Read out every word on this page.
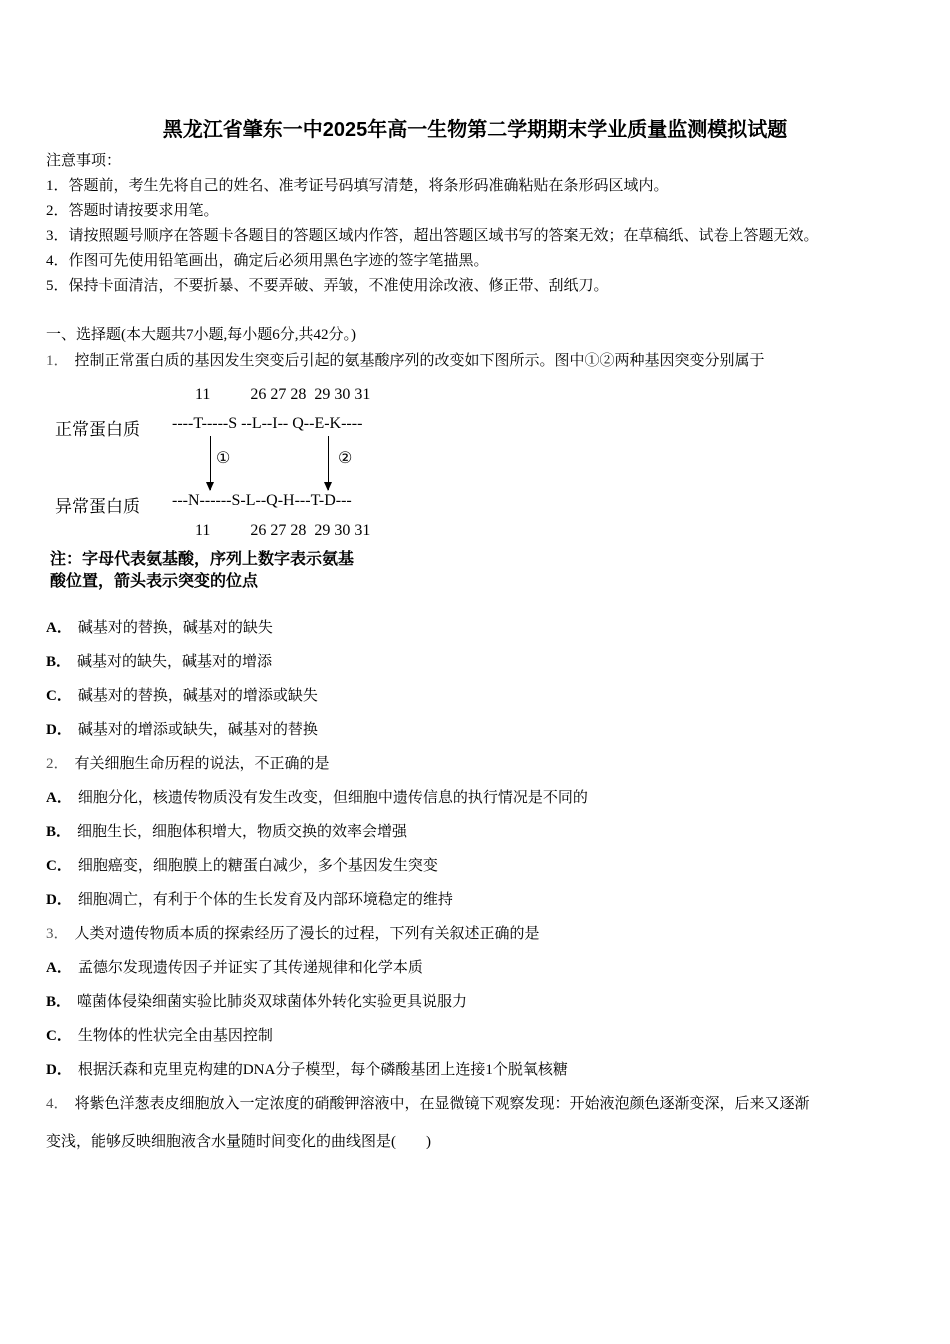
黑龙江省肇东一中2025年高一生物第二学期期末学业质量监测模拟试题
注意事项：
1．答题前，考生先将自己的姓名、准考证号码填写清楚，将条形码准确粘贴在条形码区域内。
2．答题时请按要求用笔。
3．请按照题号顺序在答题卡各题目的答题区域内作答，超出答题区域书写的答案无效；在草稿纸、试卷上答题无效。
4．作图可先使用铅笔画出，确定后必须用黑色字迹的签字笔描黑。
5．保持卡面清洁，不要折暴、不要弄破、弄皱，不准使用涂改液、修正带、刮纸刀。
一、选择题(本大题共7小题,每小题6分,共42分。)
1． 控制正常蛋白质的基因发生突变后引起的氨基酸序列的改变如下图所示。图中①②两种基因突变分别属于
11          26 27 28  29 30 31
正常蛋白质 ----T-----S --L--I-- Q--E-K----
①	②
异常蛋白质 ---N------S-L--Q-H---T-D---
11          26 27 28  29 30 31
注：字母代表氨基酸，序列上数字表示氨基
酸位置，箭头表示突变的位点
A． 碱基对的替换，碱基对的缺失
B． 碱基对的缺失，碱基对的增添
C． 碱基对的替换，碱基对的增添或缺失
D． 碱基对的增添或缺失，碱基对的替换
2． 有关细胞生命历程的说法，不正确的是
A． 细胞分化，核遗传物质没有发生改变，但细胞中遗传信息的执行情况是不同的
B． 细胞生长，细胞体积增大，物质交换的效率会增强
C． 细胞癌变，细胞膜上的糖蛋白减少，多个基因发生突变
D． 细胞凋亡，有利于个体的生长发育及内部环境稳定的维持
3． 人类对遗传物质本质的探索经历了漫长的过程，下列有关叙述正确的是
A． 孟德尔发现遗传因子并证实了其传递规律和化学本质
B． 噬菌体侵染细菌实验比肺炎双球菌体外转化实验更具说服力
C． 生物体的性状完全由基因控制
D． 根据沃森和克里克构建的DNA分子模型，每个磷酸基团上连接1个脱氧核糖
4． 将紫色洋葱表皮细胞放入一定浓度的硝酸钾溶液中，在显微镜下观察发现：开始液泡颜色逐渐变深，后来又逐渐
变浅，能够反映细胞液含水量随时间变化的曲线图是(　　)
